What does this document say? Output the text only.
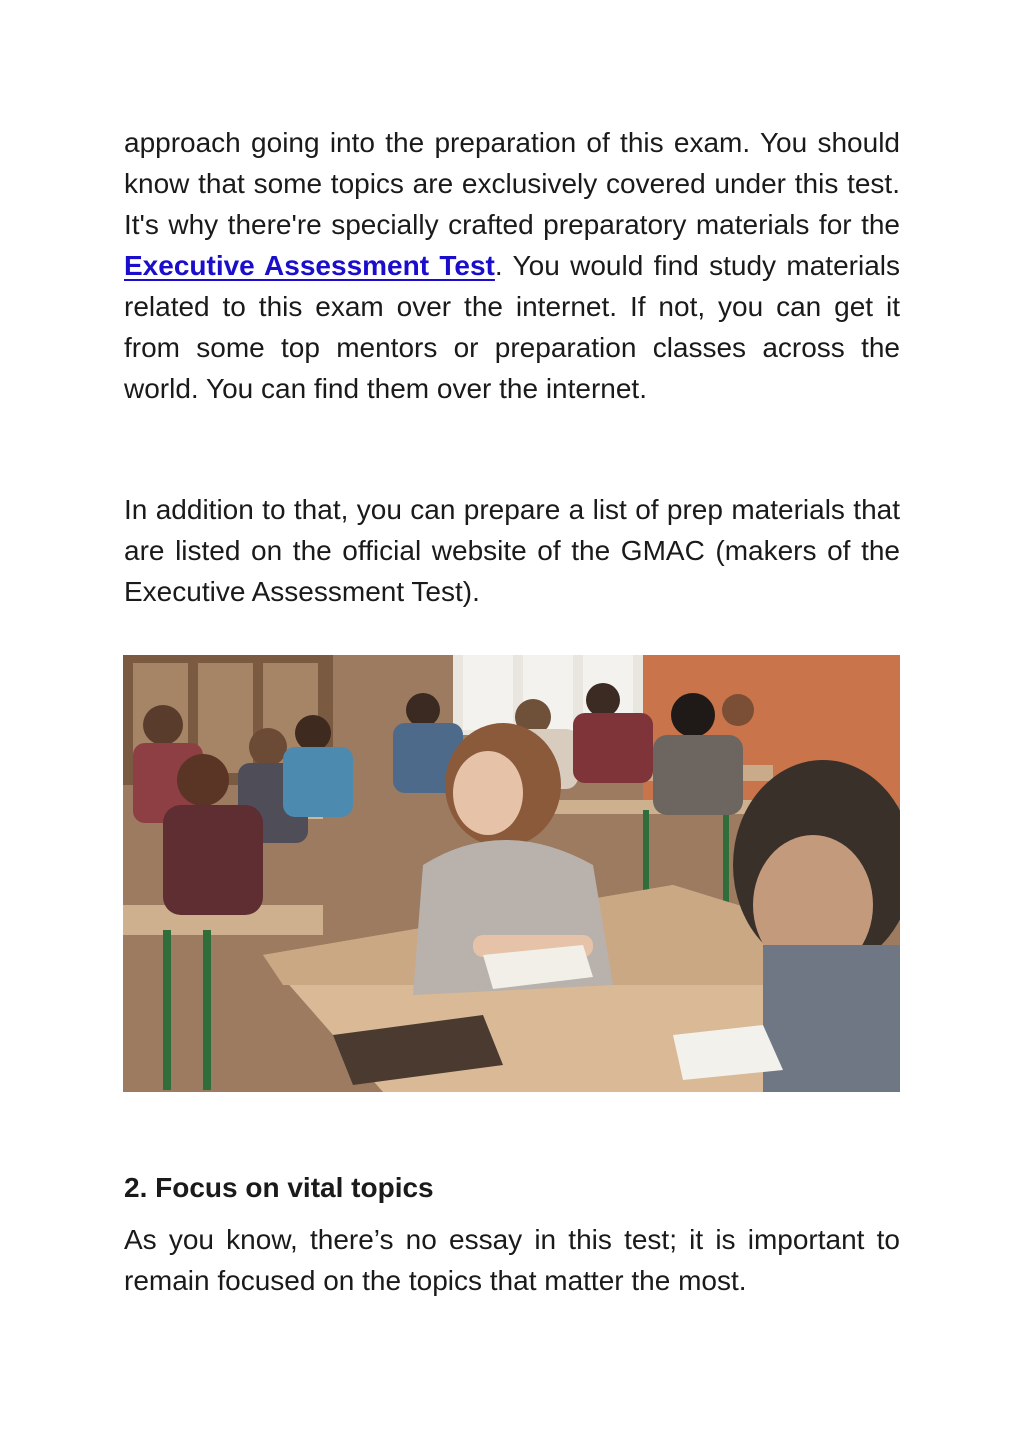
approach going into the preparation of this exam. You should know that some topics are exclusively covered under this test. It's why there're specially crafted preparatory materials for the Executive Assessment Test. You would find study materials related to this exam over the internet. If not, you can get it from some top mentors or preparation classes across the world. You can find them over the internet.

In addition to that, you can prepare a list of prep materials that are listed on the official website of the GMAC (makers of the Executive Assessment Test).

2. Focus on vital topics

As you know, there’s no essay in this test; it is important to remain focused on the topics that matter the most.
